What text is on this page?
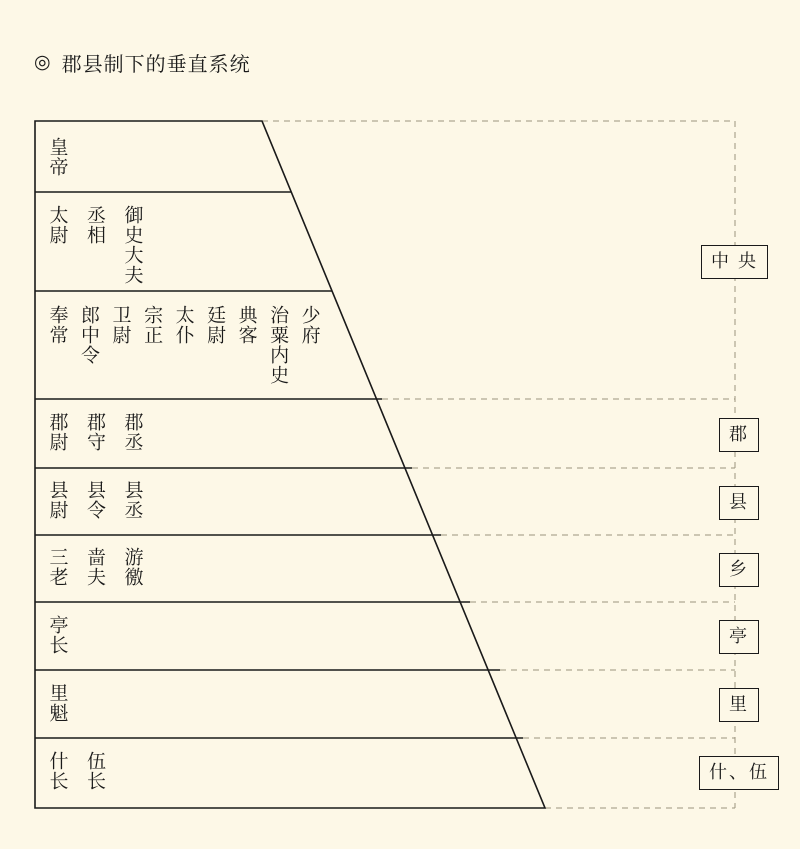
◎ 郡县制下的垂直系统
皇帝
太尉 丞相 御史大夫
奉常 郎中令 卫尉 宗正 太仆 廷尉 典客 治粟内史 少府
郡尉 郡守 郡丞
县尉 县令 县丞
三老 啬夫 游徼
亭长
里魁
什长 伍长
中 央
郡
县
乡
亭
里
什、伍
